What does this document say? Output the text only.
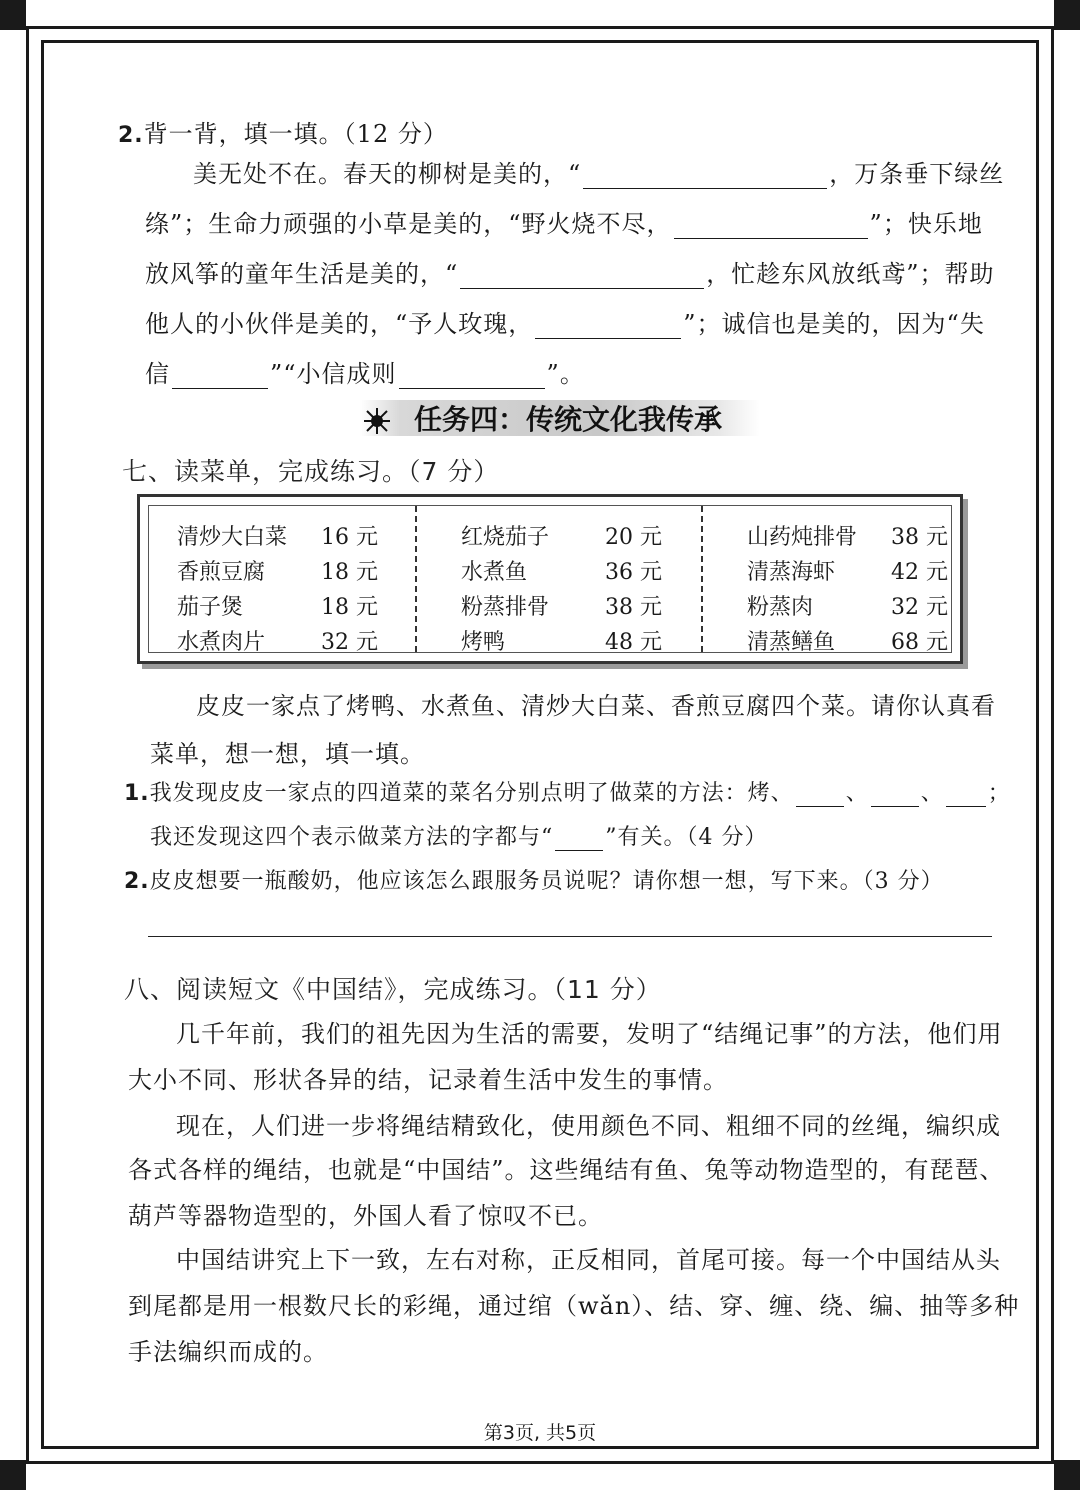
2.背一背，填一填。（12 分）
美无处不在。春天的柳树是美的，“	，万条垂下绿丝
绦”；生命力顽强的小草是美的，“野火烧不尽，	”；快乐地
放风筝的童年生活是美的，“	，忙趁东风放纸鸢”；帮助
他人的小伙伴是美的，“予人玫瑰，	”；诚信也是美的，因为“失
信	”“小信成则	”。
任务四：传统文化我传承
七、读菜单，完成练习。（7 分）
清炒大白菜 16 元
香煎豆腐	18 元
茄子煲	18 元
水煮肉片	32 元
红烧茄子	20 元
水煮鱼	36 元
粉蒸排骨	38 元
烤鸭	48 元
山药炖排骨 38 元
清蒸海虾	42 元
粉蒸肉	32 元
清蒸鳝鱼	68 元
皮皮一家点了烤鸭、水煮鱼、清炒大白菜、香煎豆腐四个菜。请你认真看
菜单，想一想，填一填。
1.我发现皮皮一家点的四道菜的菜名分别点明了做菜的方法：烤、 、 、 ；
我还发现这四个表示做菜方法的字都与“ ”有关。（4 分）
2.皮皮想要一瓶酸奶，他应该怎么跟服务员说呢？请你想一想，写下来。（3 分）
八、阅读短文《中国结》，完成练习。（11 分）
几千年前，我们的祖先因为生活的需要，发明了“结绳记事”的方法，他们用
大小不同、形状各异的结，记录着生活中发生的事情。
现在，人们进一步将绳结精致化，使用颜色不同、粗细不同的丝绳，编织成
各式各样的绳结，也就是“中国结”。这些绳结有鱼、兔等动物造型的，有琵琶、
葫芦等器物造型的，外国人看了惊叹不已。
中国结讲究上下一致，左右对称，正反相同，首尾可接。每一个中国结从头
到尾都是用一根数尺长的彩绳，通过绾（wǎn）、结、穿、缠、绕、编、抽等多种
手法编织而成的。
第3页, 共5页
